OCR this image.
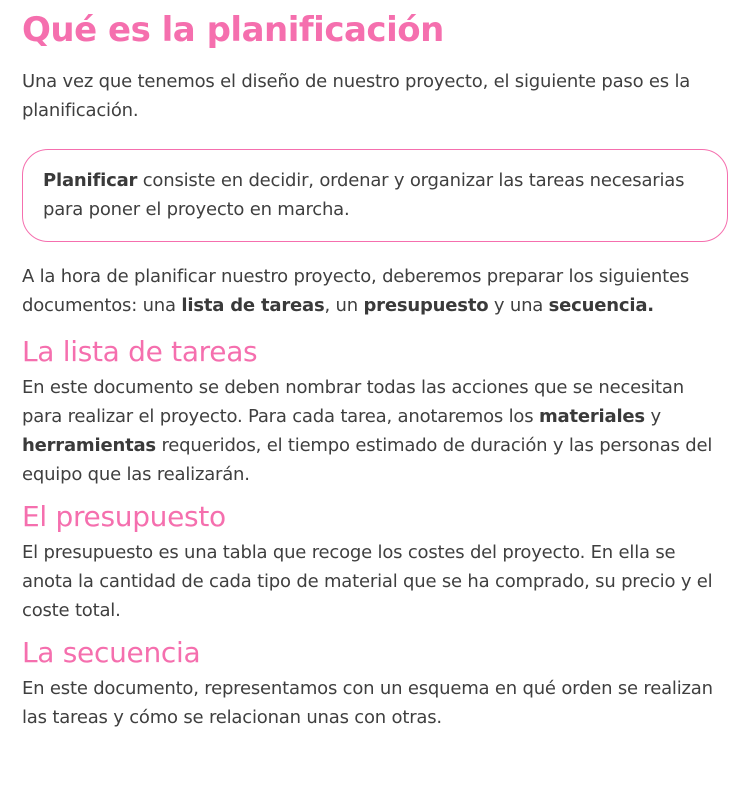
Qué es la planificación

Una vez que tenemos el diseño de nuestro proyecto, el siguiente paso es la planificación.

Planificar consiste en decidir, ordenar y organizar las tareas necesarias para poner el proyecto en marcha.

A la hora de planificar nuestro proyecto, deberemos preparar los siguientes documentos: una lista de tareas, un presupuesto y una secuencia.

La lista de tareas

En este documento se deben nombrar todas las acciones que se necesitan para realizar el proyecto. Para cada tarea, anotaremos los materiales y herramientas requeridos, el tiempo estimado de duración y las personas del equipo que las realizarán.

El presupuesto

El presupuesto es una tabla que recoge los costes del proyecto. En ella se anota la cantidad de cada tipo de material que se ha comprado, su precio y el coste total.

La secuencia

En este documento, representamos con un esquema en qué orden se realizan las tareas y cómo se relacionan unas con otras.
